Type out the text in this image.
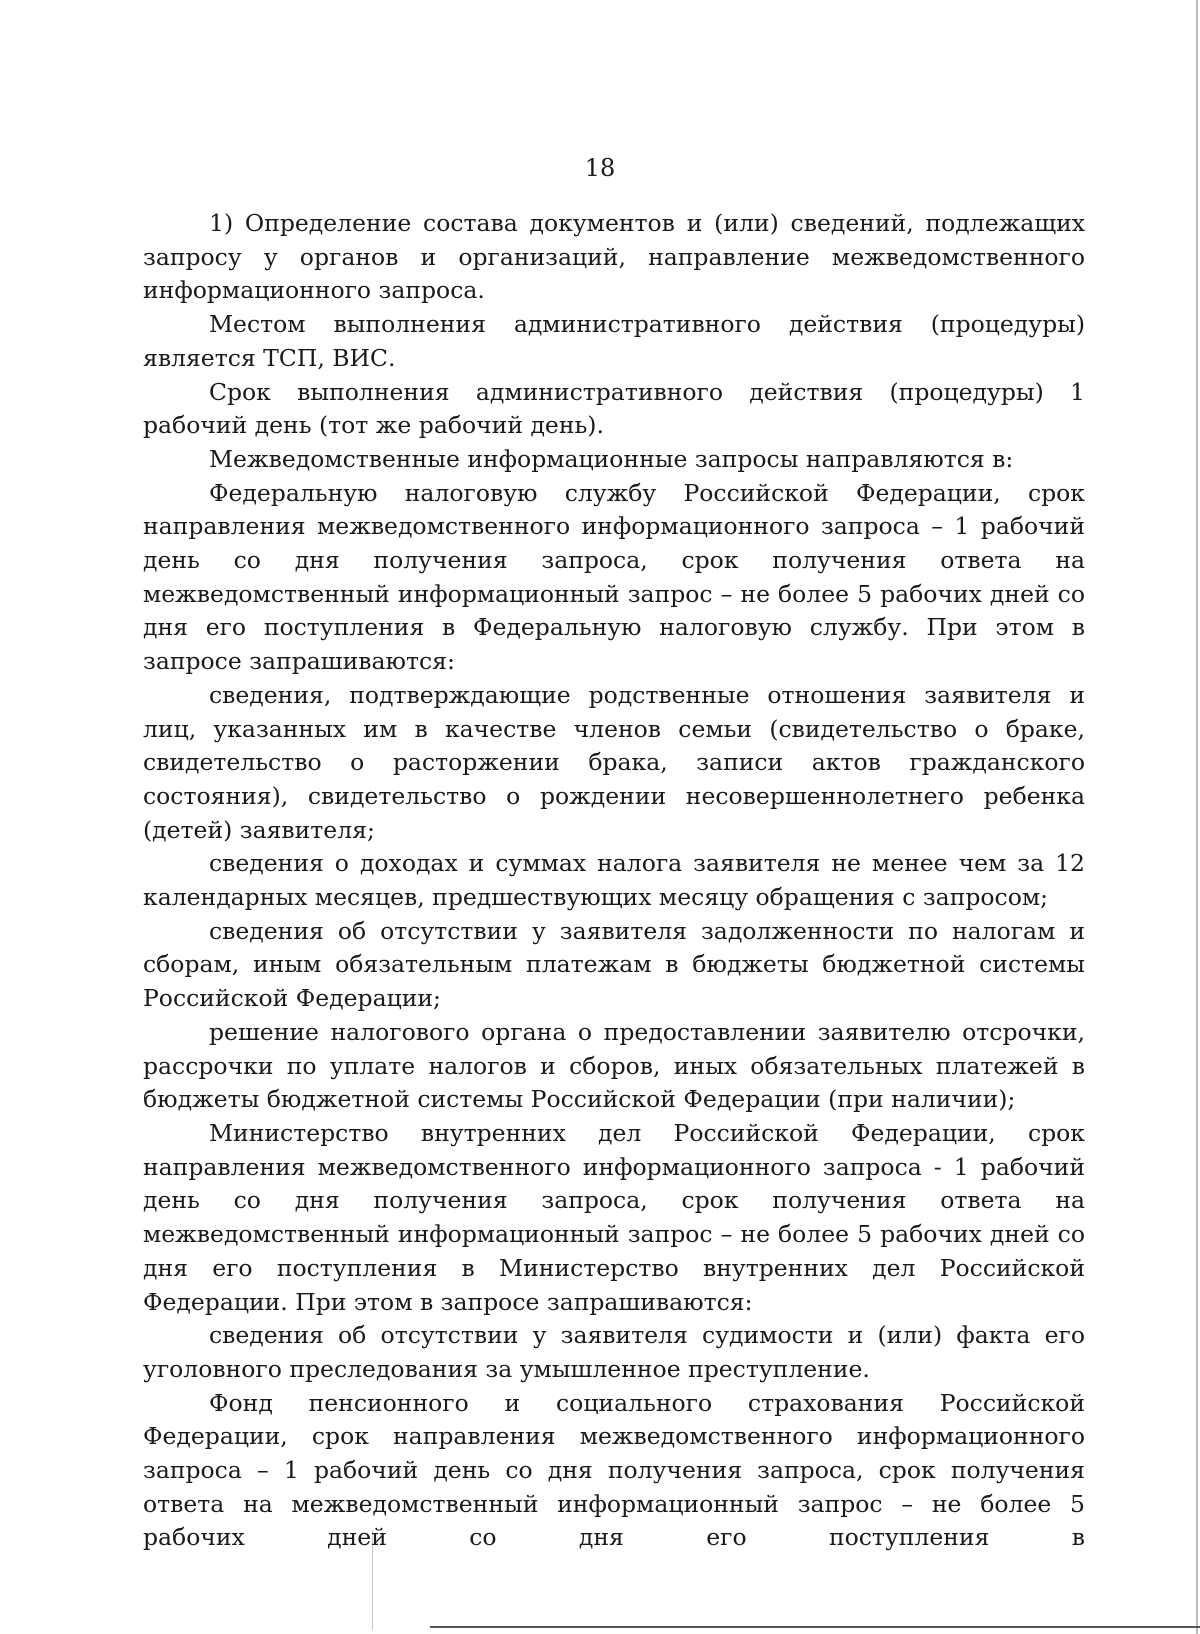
18

1) Определение состава документов и (или) сведений, подлежащих запросу у органов и организаций, направление межведомственного информационного запроса.

Местом выполнения административного действия (процедуры) является ТСП, ВИС.

Срок выполнения административного действия (процедуры) 1 рабочий день (тот же рабочий день).

Межведомственные информационные запросы направляются в:

Федеральную налоговую службу Российской Федерации, срок направления межведомственного информационного запроса – 1 рабочий день со дня получения запроса, срок получения ответа на межведомственный информационный запрос – не более 5 рабочих дней со дня его поступления в Федеральную налоговую службу. При этом в запросе запрашиваются:

сведения, подтверждающие родственные отношения заявителя и лиц, указанных им в качестве членов семьи (свидетельство о браке, свидетельство о расторжении брака, записи актов гражданского состояния), свидетельство о рождении несовершеннолетнего ребенка (детей) заявителя;

сведения о доходах и суммах налога заявителя не менее чем за 12 календарных месяцев, предшествующих месяцу обращения с запросом;

сведения об отсутствии у заявителя задолженности по налогам и сборам, иным обязательным платежам в бюджеты бюджетной системы Российской Федерации;

решение налогового органа о предоставлении заявителю отсрочки, рассрочки по уплате налогов и сборов, иных обязательных платежей в бюджеты бюджетной системы Российской Федерации (при наличии);

Министерство внутренних дел Российской Федерации, срок направления межведомственного информационного запроса - 1 рабочий день со дня получения запроса, срок получения ответа на межведомственный информационный запрос – не более 5 рабочих дней со дня его поступления в Министерство внутренних дел Российской Федерации. При этом в запросе запрашиваются:

сведения об отсутствии у заявителя судимости и (или) факта его уголовного преследования за умышленное преступление.

Фонд пенсионного и социального страхования Российской Федерации, срок направления межведомственного информационного запроса – 1 рабочий день со дня получения запроса, срок получения ответа на межведомственный информационный запрос – не более 5 рабочих дней со дня его поступления в
